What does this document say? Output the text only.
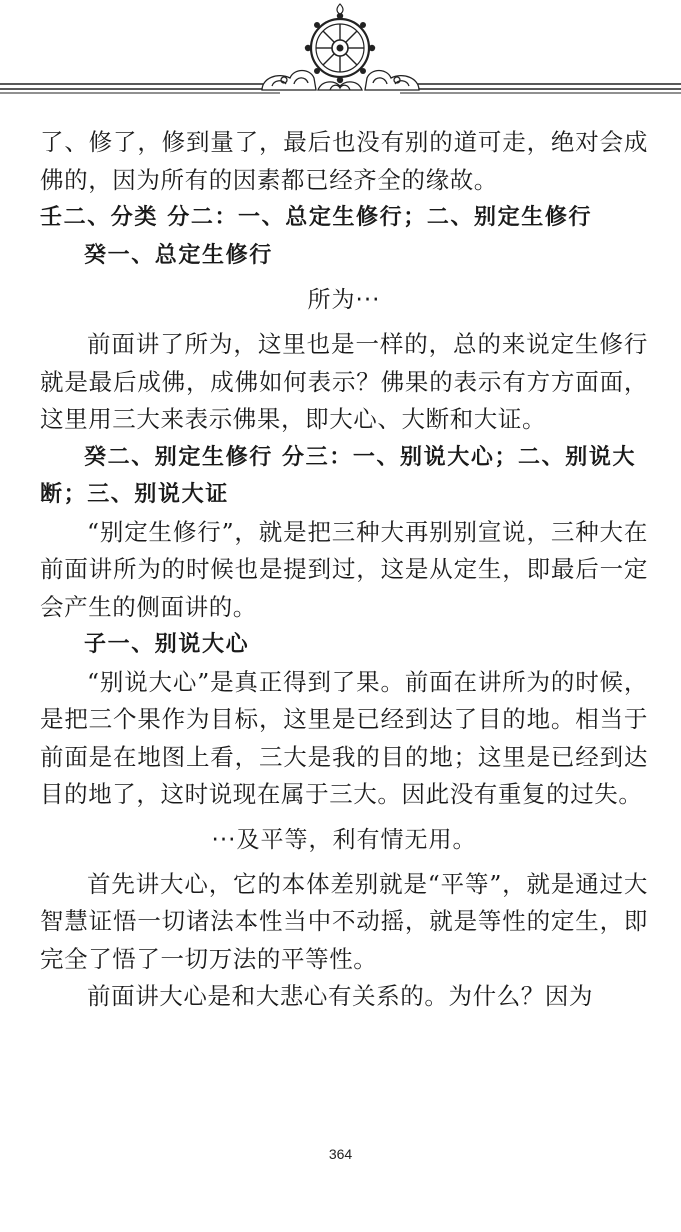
了、修了，修到量了，最后也没有别的道可走，绝对会成佛的，因为所有的因素都已经齐全的缘故。

壬二、分类 分二：一、总定生修行；二、别定生修行

癸一、总定生修行

所为···

前面讲了所为，这里也是一样的，总的来说定生修行就是最后成佛，成佛如何表示？佛果的表示有方方面面，这里用三大来表示佛果，即大心、大断和大证。

癸二、别定生修行 分三：一、别说大心；二、别说大断；三、别说大证

“别定生修行”，就是把三种大再别别宣说，三种大在前面讲所为的时候也是提到过，这是从定生，即最后一定会产生的侧面讲的。

子一、别说大心

“别说大心”是真正得到了果。前面在讲所为的时候，是把三个果作为目标，这里是已经到达了目的地。相当于前面是在地图上看，三大是我的目的地；这里是已经到达目的地了，这时说现在属于三大。因此没有重复的过失。

···及平等，利有情无用。

首先讲大心，它的本体差别就是“平等”，就是通过大智慧证悟一切诸法本性当中不动摇，就是等性的定生，即完全了悟了一切万法的平等性。

前面讲大心是和大悲心有关系的。为什么？因为

364
